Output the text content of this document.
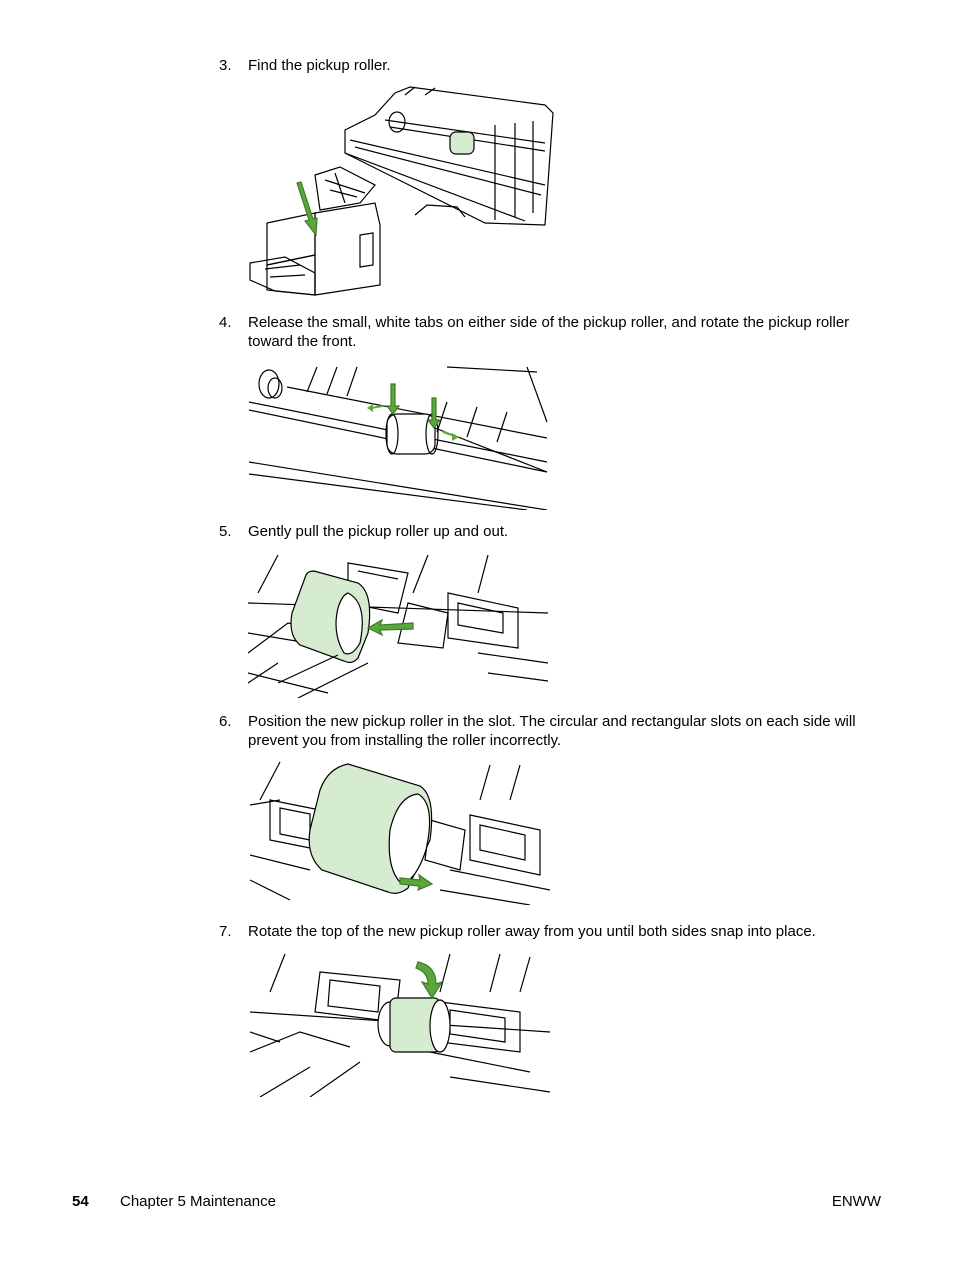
3. Find the pickup roller.
4. Release the small, white tabs on either side of the pickup roller, and rotate the pickup roller toward the front.
5. Gently pull the pickup roller up and out.
6. Position the new pickup roller in the slot. The circular and rectangular slots on each side will prevent you from installing the roller incorrectly.
7. Rotate the top of the new pickup roller away from you until both sides snap into place.
54 Chapter 5 Maintenance	ENWW
